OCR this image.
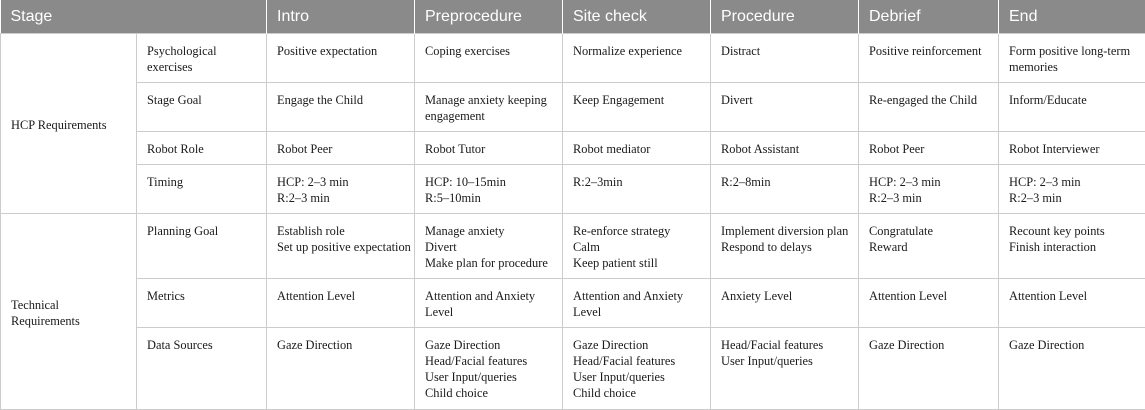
Stage		Intro	Preprocedure	Site check	Procedure	Debrief	End
HCP Requirements	Psychological exercises	Positive expectation	Coping exercises	Normalize experience	Distract	Positive reinforcement	Form positive long-term
memories

	Stage Goal	Engage the Child	Manage anxiety keeping
engagement	Keep Engagement	Divert	Re-engaged the Child	Inform/Educate

	Robot Role	Robot Peer	Robot Tutor	Robot mediator	Robot Assistant	Robot Peer	Robot Interviewer

	Timing	HCP: 2–3 min
R:2–3 min	HCP: 10–15min
R:5–10min	R:2–3min	R:2–8min	HCP: 2–3 min
R:2–3 min	HCP: 2–3 min
R:2–3 min

Technical Requirements	Planning Goal	Establish role
Set up positive expectation	Manage anxiety
Divert
Make plan for procedure	Re-enforce strategy
Calm
Keep patient still	Implement diversion plan
Respond to delays	Congratulate
Reward	Recount key points
Finish interaction

	Metrics	Attention Level	Attention and Anxiety
Level	Attention and Anxiety
Level	Anxiety Level	Attention Level	Attention Level

	Data Sources	Gaze Direction	Gaze Direction
Head/Facial features
User Input/queries
Child choice	Gaze Direction
Head/Facial features
User Input/queries
Child choice	Head/Facial features
User Input/queries	Gaze Direction	Gaze Direction
